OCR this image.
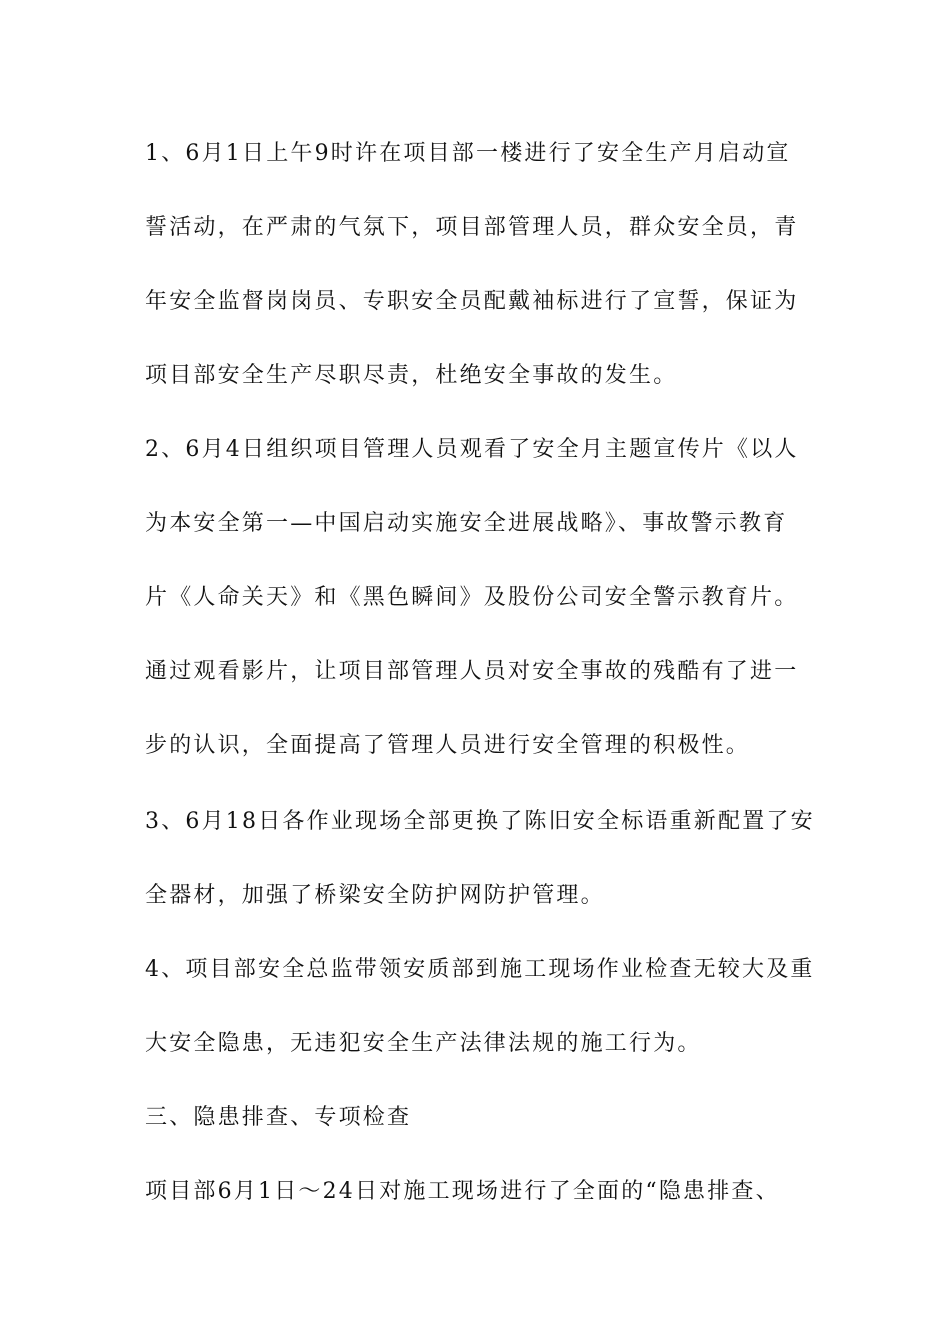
1、6月1日上午9时许在项目部一楼进行了安全生产月启动宣
誓活动，在严肃的气氛下，项目部管理人员，群众安全员，青
年安全监督岗岗员、专职安全员配戴袖标进行了宣誓，保证为
项目部安全生产尽职尽责，杜绝安全事故的发生。
2、6月4日组织项目管理人员观看了安全月主题宣传片《以人
为本安全第一—中国启动实施安全进展战略》、事故警示教育
片《人命关天》和《黑色瞬间》及股份公司安全警示教育片。
通过观看影片，让项目部管理人员对安全事故的残酷有了进一
步的认识，全面提高了管理人员进行安全管理的积极性。
3、6月18日各作业现场全部更换了陈旧安全标语重新配置了安
全器材，加强了桥梁安全防护网防护管理。
4、项目部安全总监带领安质部到施工现场作业检查无较大及重
大安全隐患，无违犯安全生产法律法规的施工行为。
三、隐患排查、专项检查
项目部6月1日～24日对施工现场进行了全面的“隐患排查、
